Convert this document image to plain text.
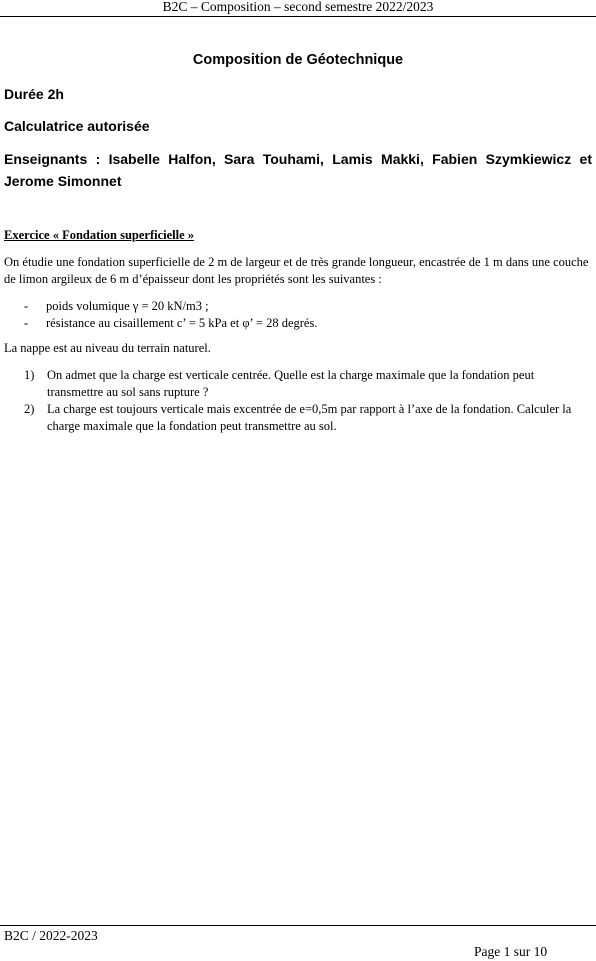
B2C – Composition – second semestre 2022/2023
Composition de Géotechnique
Durée 2h
Calculatrice autorisée
Enseignants : Isabelle Halfon, Sara Touhami, Lamis Makki, Fabien Szymkiewicz et Jerome Simonnet
Exercice « Fondation superficielle »
On étudie une fondation superficielle de 2 m de largeur et de très grande longueur, encastrée de 1 m dans une couche de limon argileux de 6 m d’épaisseur dont les propriétés sont les suivantes :
- poids volumique γ = 20 kN/m3 ;
- résistance au cisaillement c’ = 5 kPa et φ’ = 28 degrés.
La nappe est au niveau du terrain naturel.
1) On admet que la charge est verticale centrée. Quelle est la charge maximale que la fondation peut transmettre au sol sans rupture ?
2) La charge est toujours verticale mais excentrée de e=0,5m par rapport à l’axe de la fondation. Calculer la charge maximale que la fondation peut transmettre au sol.
B2C / 2022-2023
Page 1 sur 10
